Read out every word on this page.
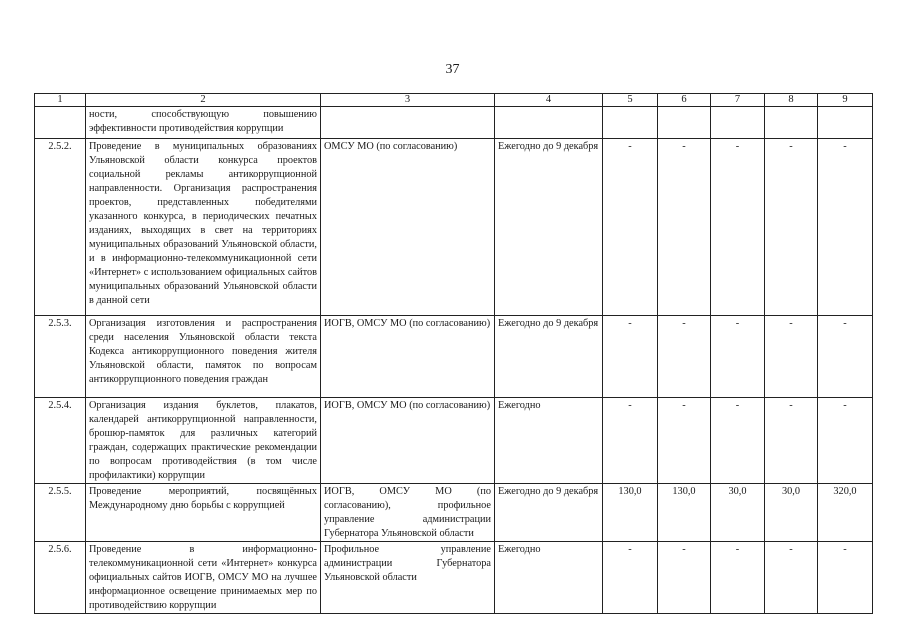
37
1	2	3	4	5	6	7	8	9
	ности, способствующую повышению эффективности противодействия коррупции							
2.5.2.	Проведение в муниципальных образованиях Ульяновской области конкурса проектов социальной рекламы антикоррупционной направленности. Организация распространения проектов, представленных победителями указанного конкурса, в периодических печатных изданиях, выходящих в свет на территориях муниципальных образований Ульяновской области, и в информационно-телекоммуникационной сети «Интернет» с использованием официальных сайтов муниципальных образований Ульяновской области в данной сети	ОМСУ МО (по согласованию)	Ежегодно до 9 декабря	-	-	-	-	-
2.5.3.	Организация изготовления и распространения среди населения Ульяновской области текста Кодекса антикоррупционного поведения жителя Ульяновской области, памяток по вопросам антикоррупционного поведения граждан	ИОГВ, ОМСУ МО (по согласованию)	Ежегодно до 9 декабря	-	-	-	-	-
2.5.4.	Организация издания буклетов, плакатов, календарей антикоррупционной направленности, брошюр-памяток для различных категорий граждан, содержащих практические рекомендации по вопросам противодействия (в том числе профилактики) коррупции	ИОГВ, ОМСУ МО (по согласованию)	Ежегодно	-	-	-	-	-
2.5.5.	Проведение мероприятий, посвящённых Международному дню борьбы с коррупцией	ИОГВ, ОМСУ МО (по согласованию), профильное управление администрации Губернатора Ульяновской области	Ежегодно до 9 декабря	130,0	130,0	30,0	30,0	320,0
2.5.6.	Проведение в информационно-телекоммуникационной сети «Интернет» конкурса официальных сайтов ИОГВ, ОМСУ МО на лучшее информационное освещение принимаемых мер по противодействию коррупции	Профильное управление администрации Губернатора Ульяновской области	Ежегодно	-	-	-	-	-
